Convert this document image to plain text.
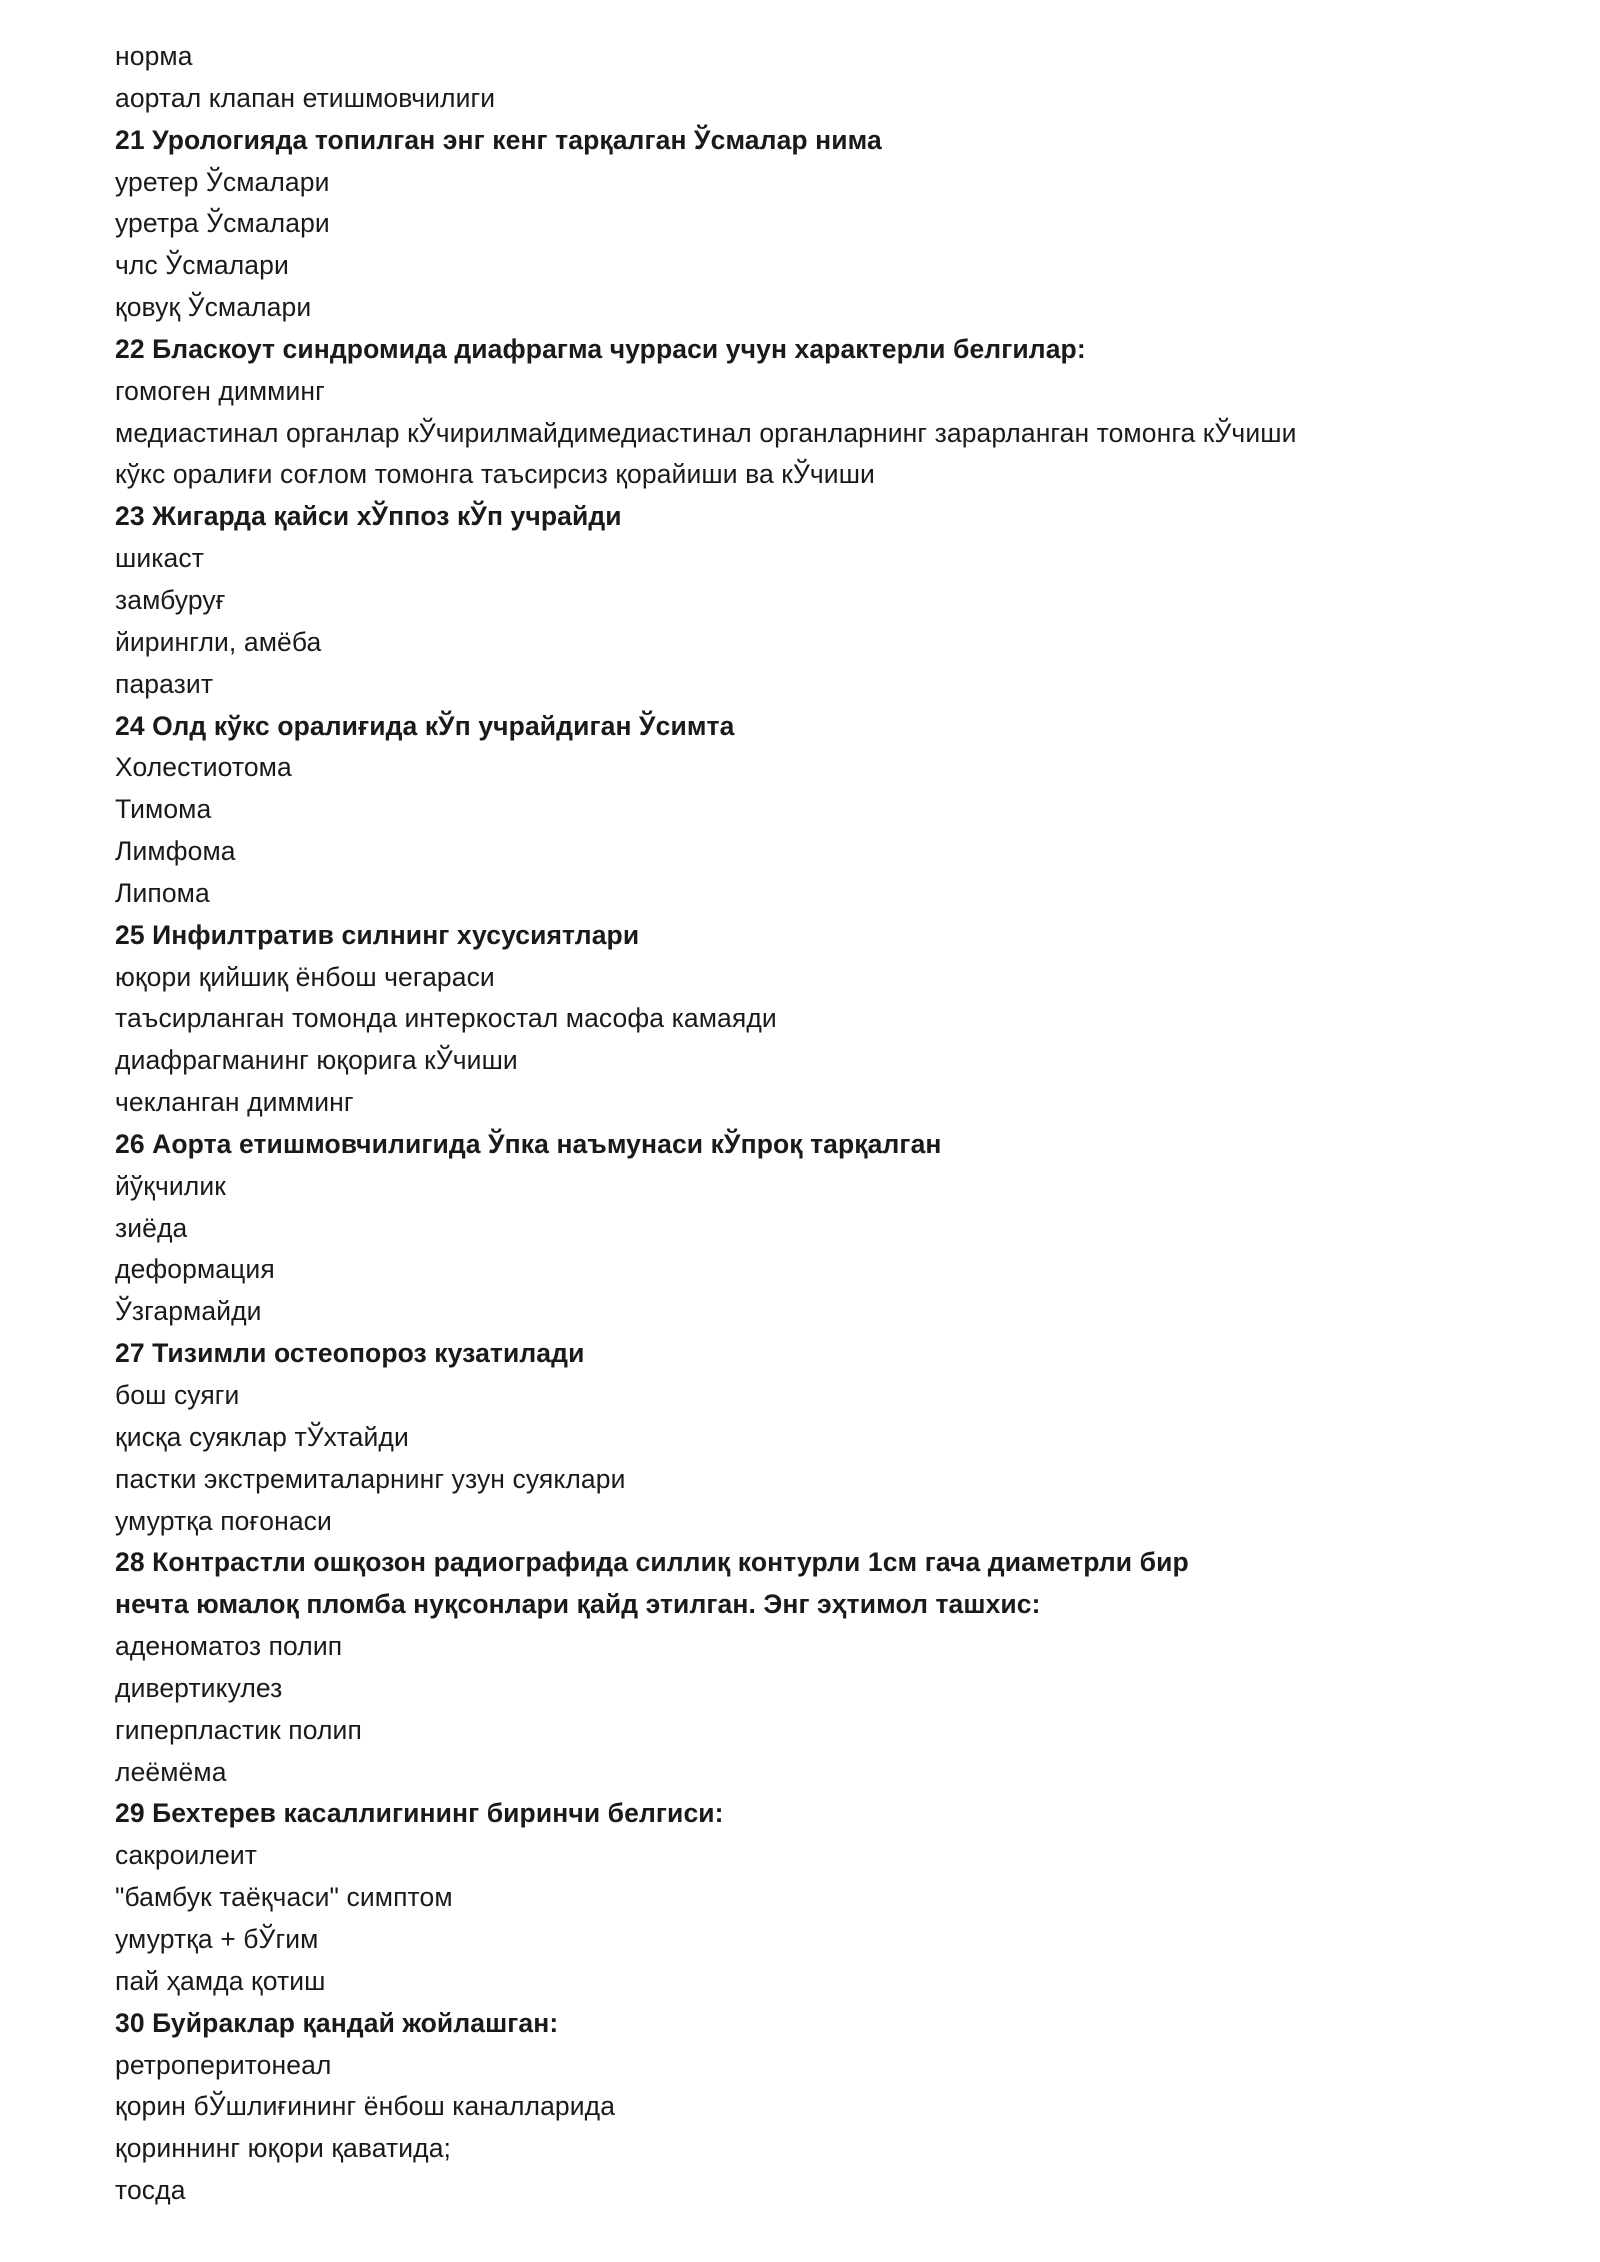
норма
аортал клапан етишмовчилиги
21 Урологияда топилган энг кенг тарқалган Ўсмалар нима
уретер Ўсмалари
уретра Ўсмалари
члс Ўсмалари
қовуқ Ўсмалари
22 Бласкоут синдромида диафрагма чурраси учун характерли белгилар:
гомоген димминг
медиастинал органлар кЎчирилмайдимедиастинал органларнинг зарарланган томонга кЎчиши
кўкс оралиғи соғлом томонга таъсирсиз қорайиши ва кЎчиши
23 Жигарда қайси хЎппоз кЎп учрайди
шикаст
замбуруғ
йирингли, амёба
паразит
24 Олд кўкс оралиғида кЎп учрайдиган Ўсимта
Холестиотома
Тимома
Лимфома
Липома
25 Инфилтратив силнинг хусусиятлари
юқори қийшиқ ёнбош чегараси
таъсирланган томонда интеркостал масофа камаяди
диафрагманинг юқорига кЎчиши
чекланган димминг
26 Аорта етишмовчилигида Ўпка наъмунаси кЎпроқ тарқалган
йўқчилик
зиёда
деформация
Ўзгармайди
27 Тизимли остеопороз кузатилади
бош суяги
қисқа суяклар тЎхтайди
пастки экстремиталарнинг узун суяклари
умуртқа поғонаси
28 Контрастли ошқозон радиографида силлиқ контурли 1см гача диаметрли бир
нечта юмалоқ пломба нуқсонлари қайд этилган. Энг эҳтимол ташхис:
аденоматоз полип
дивертикулез
гиперпластик полип
леёмёма
29 Бехтерев касаллигининг биринчи белгиси:
сакроилеит
"бамбук таёқчаси" симптом
умуртқа + бЎгим
пай ҳамда қотиш
30 Буйраклар қандай жойлашган:
ретроперитонеал
қорин бЎшлиғининг ёнбош каналларида
қориннинг юқори қаватида;
тосда
